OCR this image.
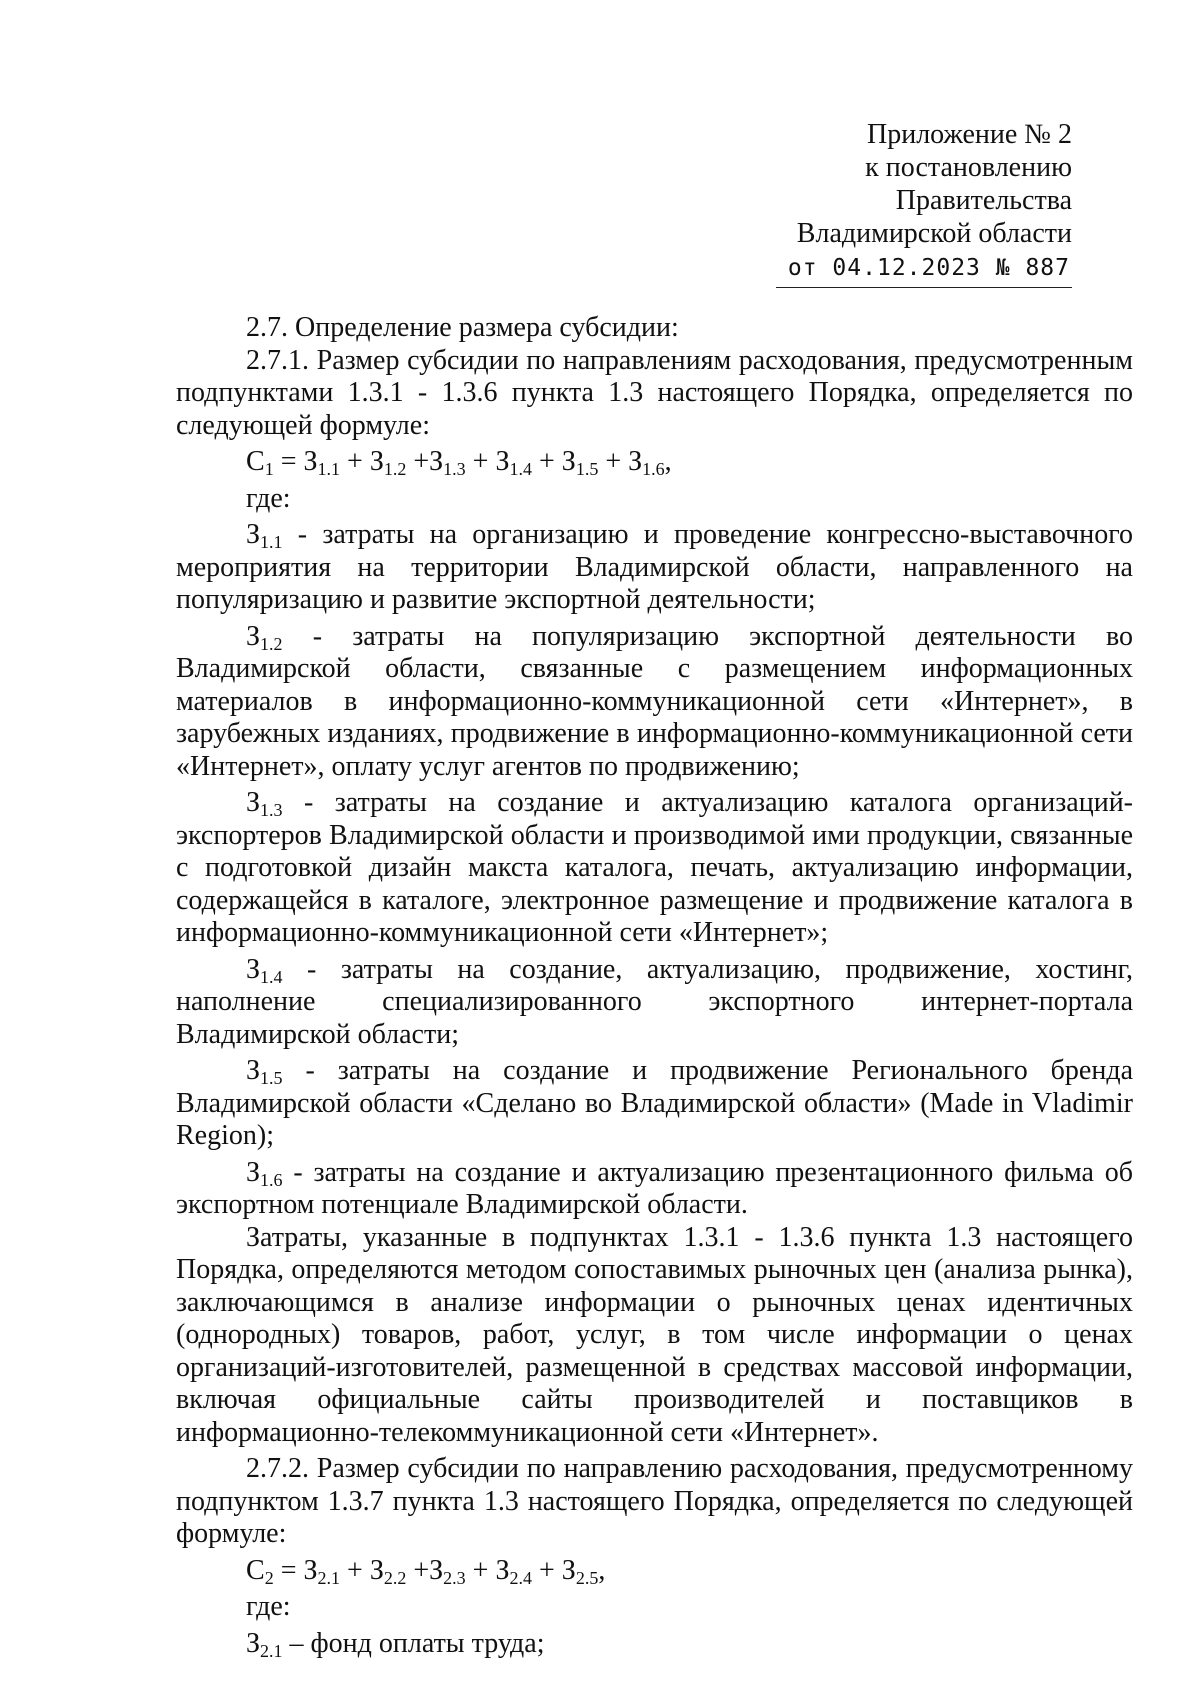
Приложение № 2
к постановлению
Правительства
Владимирской области
от 04.12.2023 № 887

2.7. Определение размера субсидии:

2.7.1. Размер субсидии по направлениям расходования, предусмотренным подпунктами 1.3.1 - 1.3.6 пункта 1.3 настоящего Порядка, определяется по следующей формуле:

$С_1 = З_{1.1} + З_{1.2} +З_{1.3} + З_{1.4} + З_{1.5} + З_{1.6}$,

где:

$З_{1.1}$ - затраты на организацию и проведение конгрессно-выставочного мероприятия на территории Владимирской области, направленного на популяризацию и развитие экспортной деятельности;

$З_{1.2}$ - затраты на популяризацию экспортной деятельности во Владимирской области, связанные с размещением информационных материалов в информационно-коммуникационной сети «Интернет», в зарубежных изданиях, продвижение в информационно-коммуникационной сети «Интернет», оплату услуг агентов по продвижению;

$З_{1.3}$ - затраты на создание и актуализацию каталога организаций-экспортеров Владимирской области и производимой ими продукции, связанные с подготовкой дизайн макста каталога, печать, актуализацию информации, содержащейся в каталоге, электронное размещение и продвижение каталога в информационно-коммуникационной сети «Интернет»;

$З_{1.4}$ - затраты на создание, актуализацию, продвижение, хостинг, наполнение специализированного экспортного интернет-портала Владимирской области;

$З_{1.5}$ - затраты на создание и продвижение Регионального бренда Владимирской области «Сделано во Владимирской области» (Made in Vladimir Region);

$З_{1.6}$ - затраты на создание и актуализацию презентационного фильма об экспортном потенциале Владимирской области.

Затраты, указанные в подпунктах 1.3.1 - 1.3.6 пункта 1.3 настоящего Порядка, определяются методом сопоставимых рыночных цен (анализа рынка), заключающимся в анализе информации о рыночных ценах идентичных (однородных) товаров, работ, услуг, в том числе информации о ценах организаций-изготовителей, размещенной в средствах массовой информации, включая официальные сайты производителей и поставщиков в информационно-телекоммуникационной сети «Интернет».

2.7.2. Размер субсидии по направлению расходования, предусмотренному подпунктом 1.3.7 пункта 1.3 настоящего Порядка, определяется по следующей формуле:

$С_2 = З_{2.1} + З_{2.2} +З_{2.3} + З_{2.4} + З_{2.5}$,

где:

$З_{2.1}$ – фонд оплаты труда;
